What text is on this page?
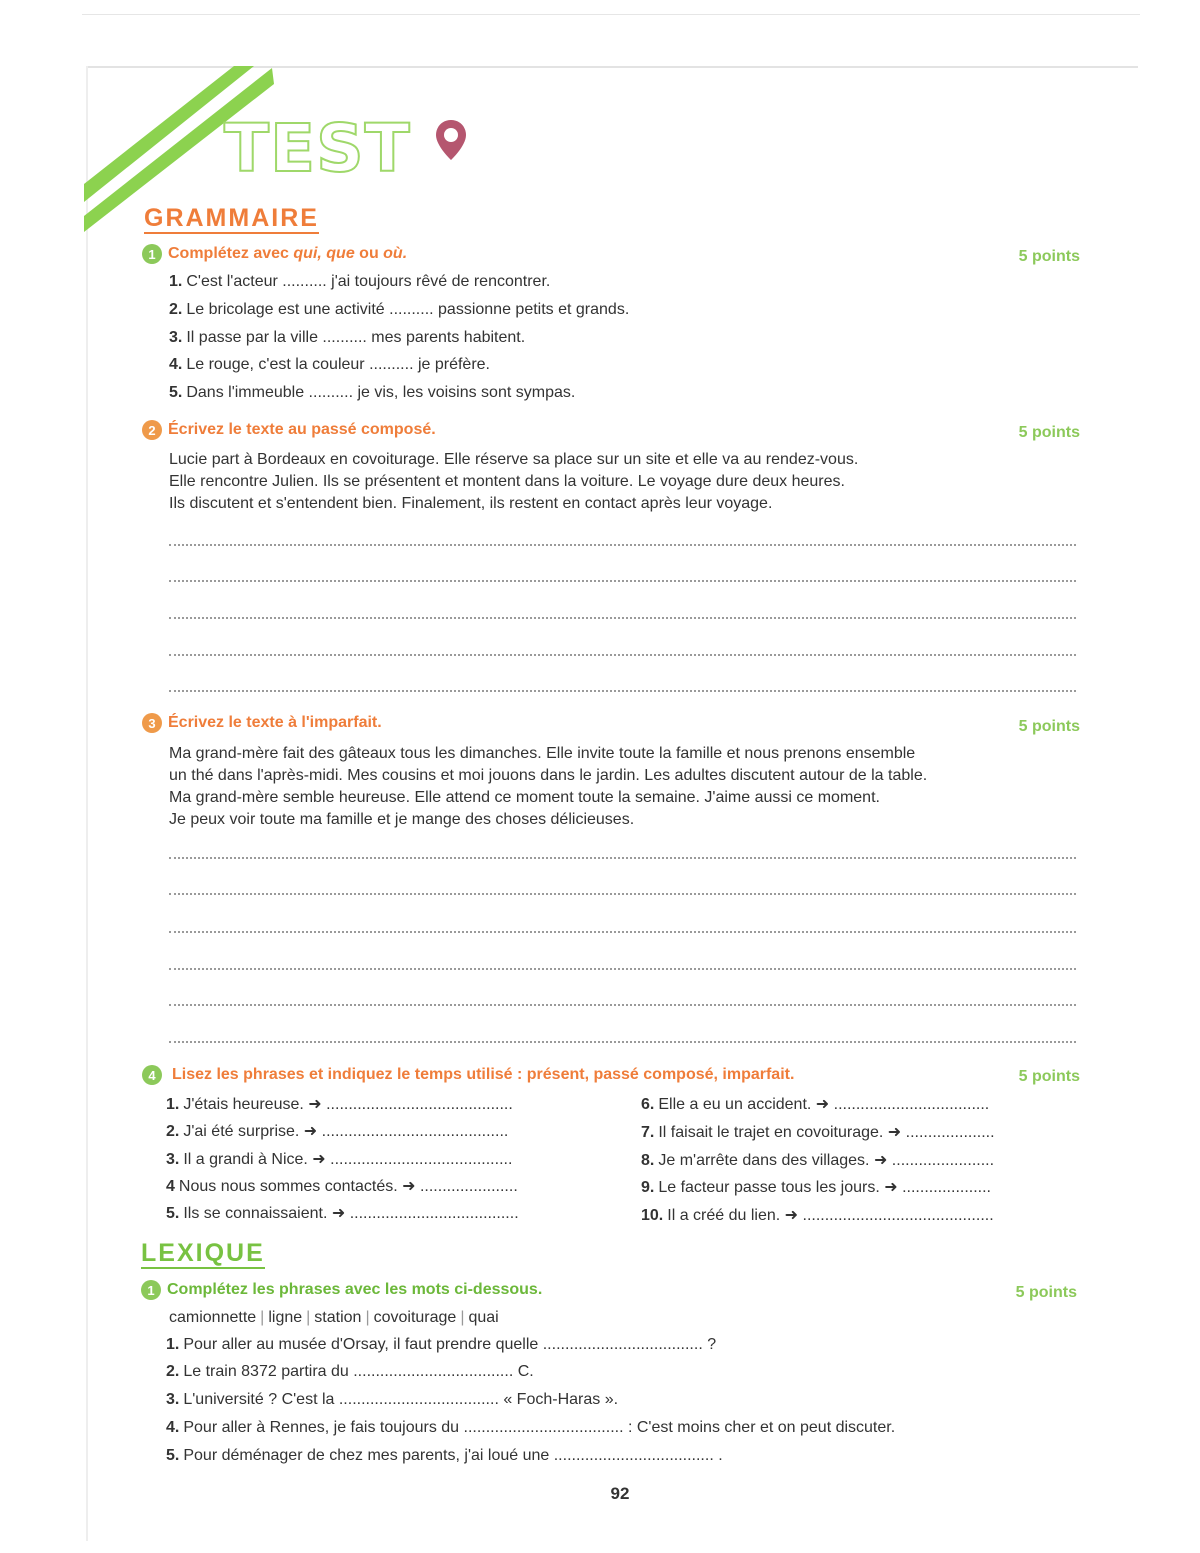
TEST
GRAMMAIRE
1 Complétez avec qui, que ou où.	5 points
1. C'est l'acteur .......... j'ai toujours rêvé de rencontrer.
2. Le bricolage est une activité .......... passionne petits et grands.
3. Il passe par la ville .......... mes parents habitent.
4. Le rouge, c'est la couleur .......... je préfère.
5. Dans l'immeuble .......... je vis, les voisins sont sympas.
2 Écrivez le texte au passé composé.	5 points
Lucie part à Bordeaux en covoiturage. Elle réserve sa place sur un site et elle va au rendez-vous.
Elle rencontre Julien. Ils se présentent et montent dans la voiture. Le voyage dure deux heures.
Ils discutent et s'entendent bien. Finalement, ils restent en contact après leur voyage.
3 Écrivez le texte à l'imparfait.	5 points
Ma grand-mère fait des gâteaux tous les dimanches. Elle invite toute la famille et nous prenons ensemble
un thé dans l'après-midi. Mes cousins et moi jouons dans le jardin. Les adultes discutent autour de la table.
Ma grand-mère semble heureuse. Elle attend ce moment toute la semaine. J'aime aussi ce moment.
Je peux voir toute ma famille et je mange des choses délicieuses.
4	Lisez les phrases et indiquez le temps utilisé : présent, passé composé, imparfait.	5 points
1. J'étais heureuse. ➜ ..........................................
2. J'ai été surprise. ➜ ..........................................
3. Il a grandi à Nice. ➜ .........................................
4 Nous nous sommes contactés. ➜ ......................
5. Ils se connaissaient. ➜ ......................................
6. Elle a eu un accident. ➜ ...................................
7. Il faisait le trajet en covoiturage. ➜ ....................
8. Je m'arrête dans des villages. ➜ .......................
9. Le facteur passe tous les jours. ➜ ....................
10. Il a créé du lien. ➜ ...........................................
LEXIQUE
1 Complétez les phrases avec les mots ci-dessous.	5 points
camionnette | ligne | station | covoiturage | quai
1. Pour aller au musée d'Orsay, il faut prendre quelle .................................... ?
2. Le train 8372 partira du .................................... C.
3. L'université ? C'est la .................................... « Foch-Haras ».
4. Pour aller à Rennes, je fais toujours du .................................... : C'est moins cher et on peut discuter.
5. Pour déménager de chez mes parents, j'ai loué une .................................... .
92
